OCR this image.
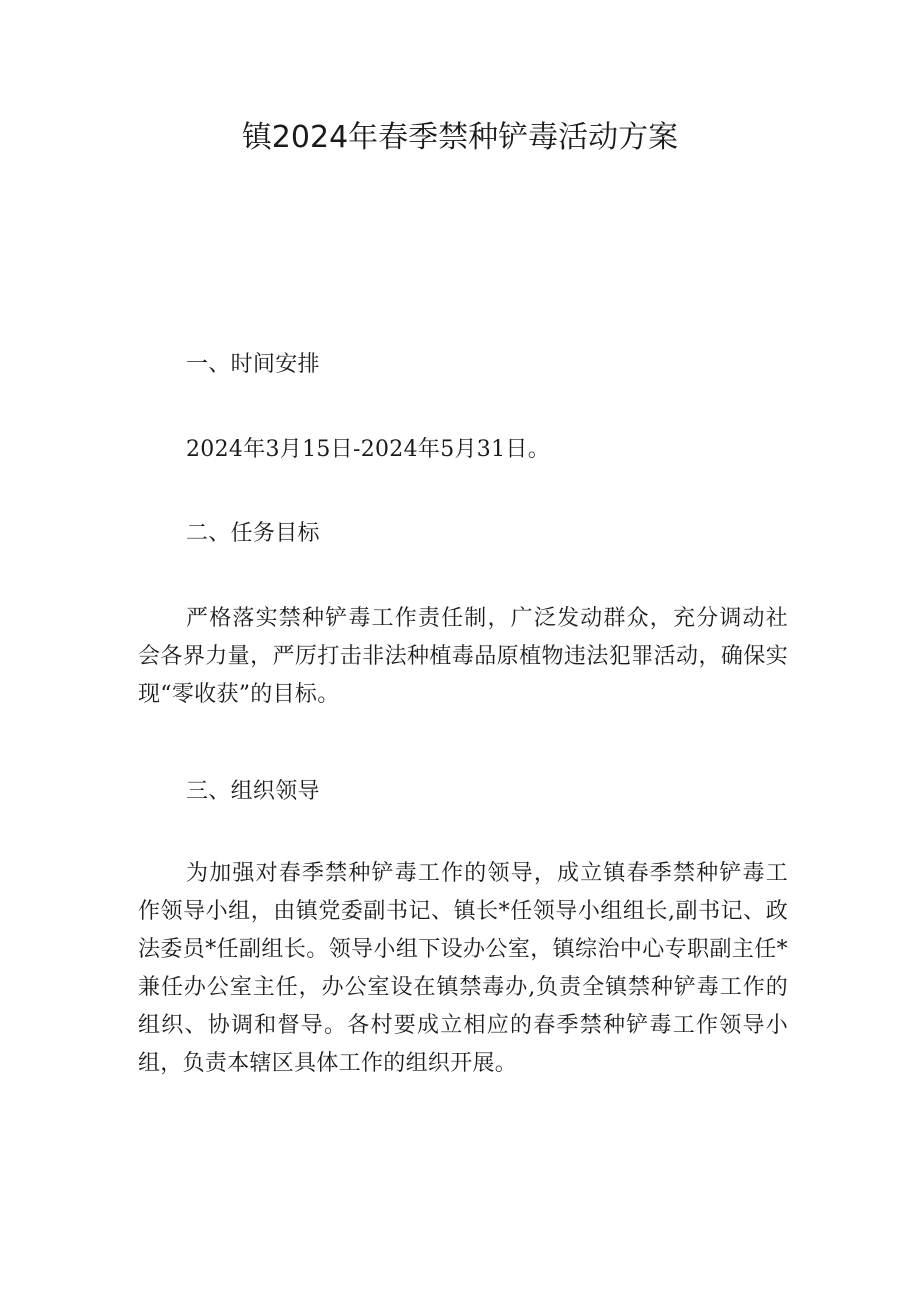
镇2024年春季禁种铲毒活动方案

一、时间安排

2024年3月15日-2024年5月31日。

二、任务目标

严格落实禁种铲毒工作责任制，广泛发动群众，充分调动社会各界力量，严厉打击非法种植毒品原植物违法犯罪活动，确保实现“零收获”的目标。

三、组织领导

为加强对春季禁种铲毒工作的领导，成立镇春季禁种铲毒工作领导小组，由镇党委副书记、镇长*任领导小组组长,副书记、政法委员*任副组长。领导小组下设办公室，镇综治中心专职副主任*兼任办公室主任，办公室设在镇禁毒办,负责全镇禁种铲毒工作的组织、协调和督导。各村要成立相应的春季禁种铲毒工作领导小组，负责本辖区具体工作的组织开展。
